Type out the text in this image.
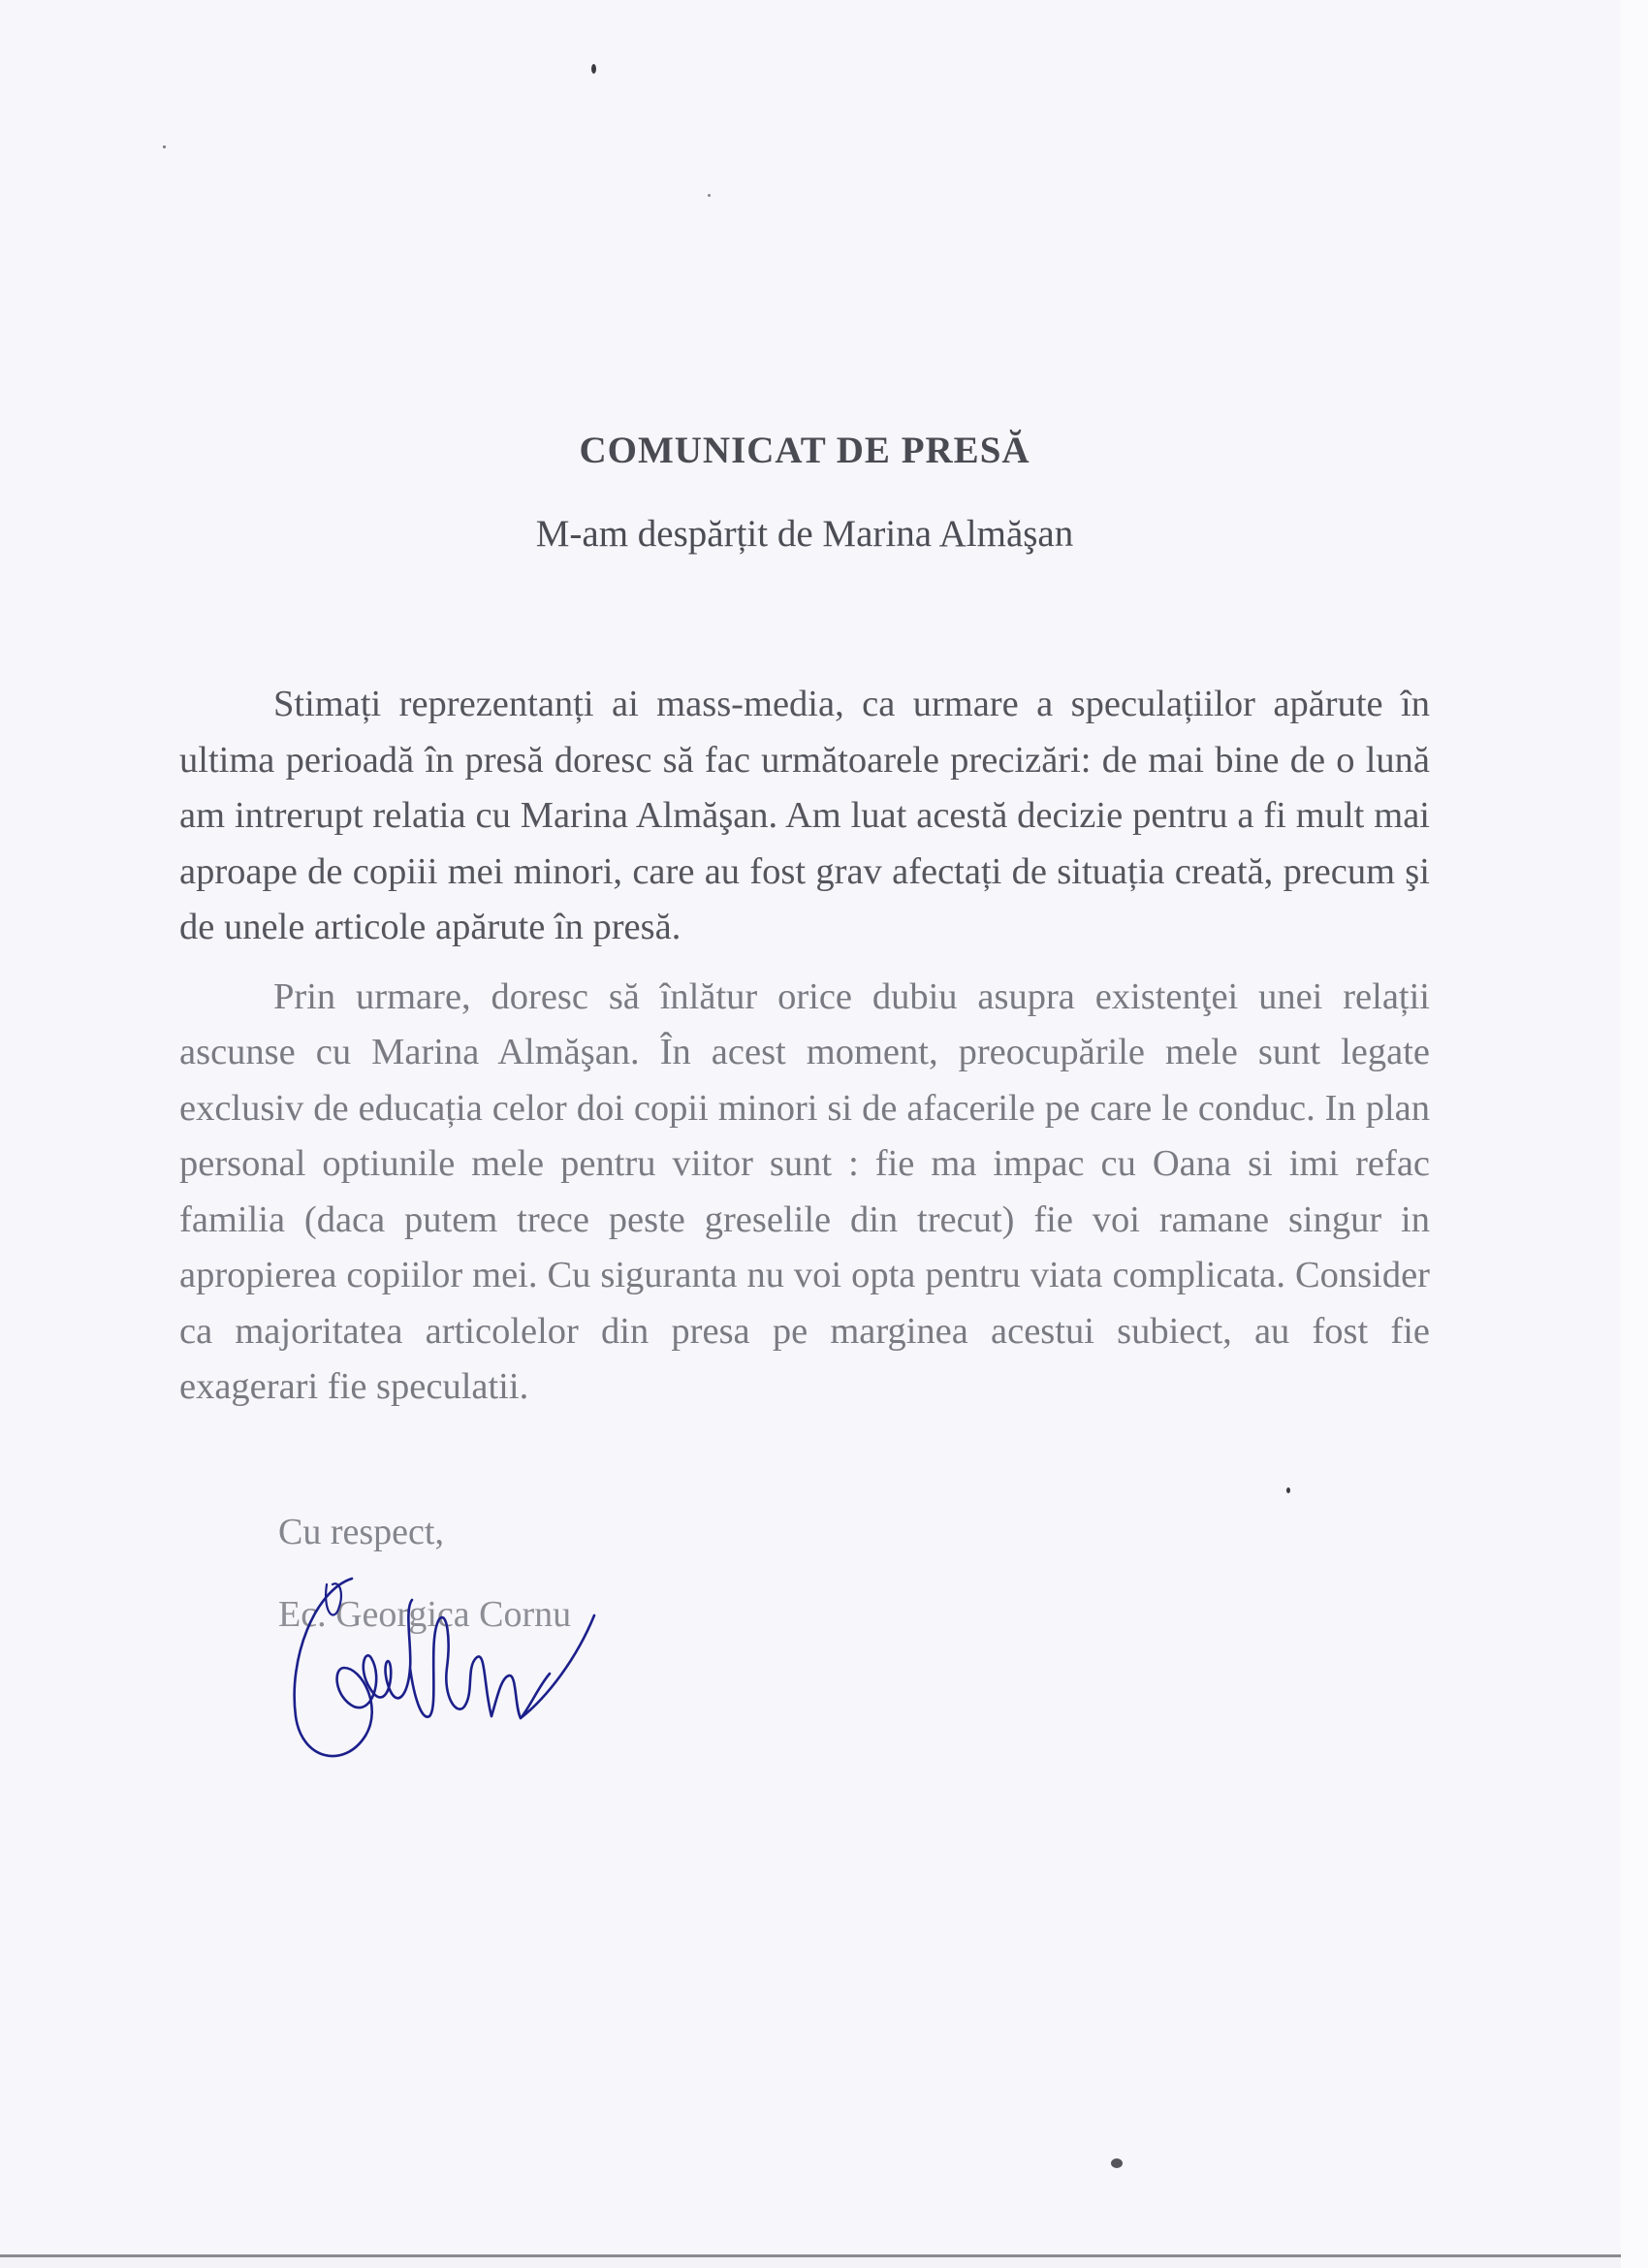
COMUNICAT DE PRESĂ
M-am despărțit de Marina Almăşan

Stimați reprezentanți ai mass-media, ca urmare a speculațiilor apărute în ultima perioadă în presă doresc să fac următoarele precizări: de mai bine de o lună am intrerupt relatia cu Marina Almăşan. Am luat acestă decizie pentru a fi mult mai aproape de copiii mei minori, care au fost grav afectați de situația creată, precum şi de unele articole apărute în presă.

Prin urmare, doresc să înlătur orice dubiu asupra existenţei unei relații ascunse cu Marina Almăşan. În acest moment, preocupările mele sunt legate exclusiv de educația celor doi copii minori si de afacerile pe care le conduc. In plan personal optiunile mele pentru viitor sunt : fie ma impac cu Oana si imi refac familia (daca putem trece peste greselile din trecut) fie voi ramane singur in apropierea copiilor mei. Cu siguranta nu voi opta pentru viata complicata. Consider ca majoritatea articolelor din presa pe marginea acestui subiect, au fost fie exagerari fie speculatii.

Cu respect,
Ec. Georgica Cornu
